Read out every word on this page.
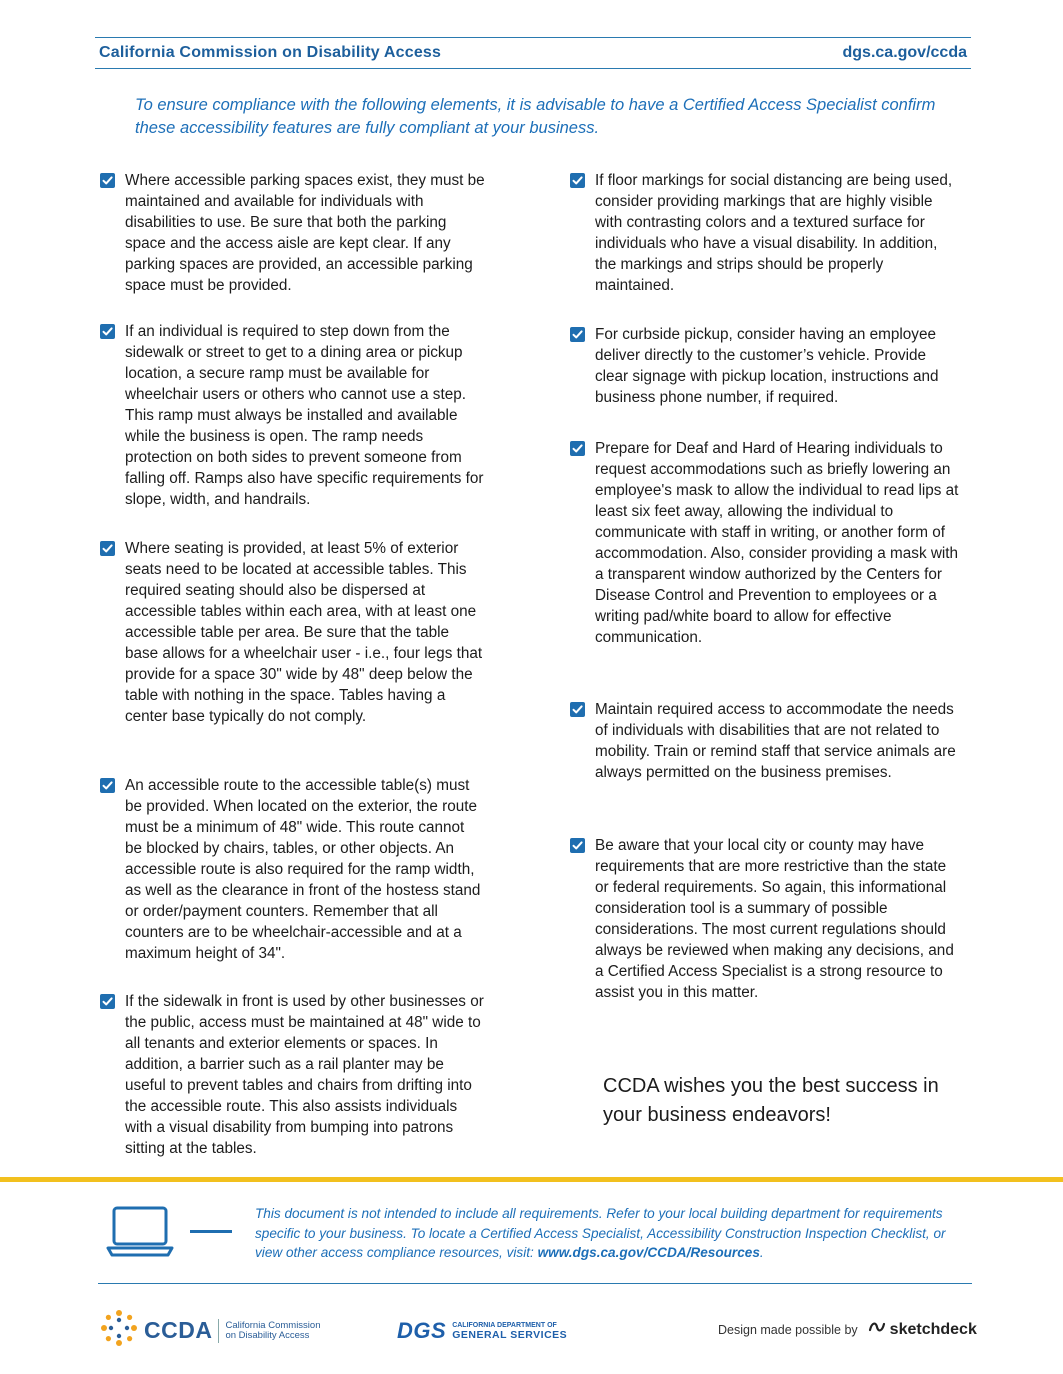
California Commission on Disability Access	dgs.ca.gov/ccda
To ensure compliance with the following elements, it is advisable to have a Certified Access Specialist confirm these accessibility features are fully compliant at your business.
Where accessible parking spaces exist, they must be maintained and available for individuals with disabilities to use. Be sure that both the parking space and the access aisle are kept clear. If any parking spaces are provided, an accessible parking space must be provided.
If an individual is required to step down from the sidewalk or street to get to a dining area or pickup location, a secure ramp must be available for wheelchair users or others who cannot use a step. This ramp must always be installed and available while the business is open. The ramp needs protection on both sides to prevent someone from falling off. Ramps also have specific requirements for slope, width, and handrails.
Where seating is provided, at least 5% of exterior seats need to be located at accessible tables. This required seating should also be dispersed at accessible tables within each area, with at least one accessible table per area. Be sure that the table base allows for a wheelchair user - i.e., four legs that provide for a space 30" wide by 48" deep below the table with nothing in the space. Tables having a center base typically do not comply.
An accessible route to the accessible table(s) must be provided. When located on the exterior, the route must be a minimum of 48" wide. This route cannot be blocked by chairs, tables, or other objects. An accessible route is also required for the ramp width, as well as the clearance in front of the hostess stand or order/payment counters. Remember that all counters are to be wheelchair-accessible and at a maximum height of 34".
If the sidewalk in front is used by other businesses or the public, access must be maintained at 48" wide to all tenants and exterior elements or spaces. In addition, a barrier such as a rail planter may be useful to prevent tables and chairs from drifting into the accessible route. This also assists individuals with a visual disability from bumping into patrons sitting at the tables.
If floor markings for social distancing are being used, consider providing markings that are highly visible with contrasting colors and a textured surface for individuals who have a visual disability. In addition, the markings and strips should be properly maintained.
For curbside pickup, consider having an employee deliver directly to the customer’s vehicle. Provide clear signage with pickup location, instructions and business phone number, if required.
Prepare for Deaf and Hard of Hearing individuals to request accommodations such as briefly lowering an employee's mask to allow the individual to read lips at least six feet away, allowing the individual to communicate with staff in writing, or another form of accommodation. Also, consider providing a mask with a transparent window authorized by the Centers for Disease Control and Prevention to employees or a writing pad/white board to allow for effective communication.
Maintain required access to accommodate the needs of individuals with disabilities that are not related to mobility. Train or remind staff that service animals are always permitted on the business premises.
Be aware that your local city or county may have requirements that are more restrictive than the state or federal requirements. So again, this informational consideration tool is a summary of possible considerations. The most current regulations should always be reviewed when making any decisions, and a Certified Access Specialist is a strong resource to assist you in this matter.
CCDA wishes you the best success in your business endeavors!
This document is not intended to include all requirements. Refer to your local building department for requirements specific to your business. To locate a Certified Access Specialist, Accessibility Construction Inspection Checklist, or view other access compliance resources, visit: www.dgs.ca.gov/CCDA/Resources.
CCDA California Commission
on Disability Access	DGS CALIFORNIA DEPARTMENT OF
GENERAL SERVICES	Design made possible by sketchdeck
